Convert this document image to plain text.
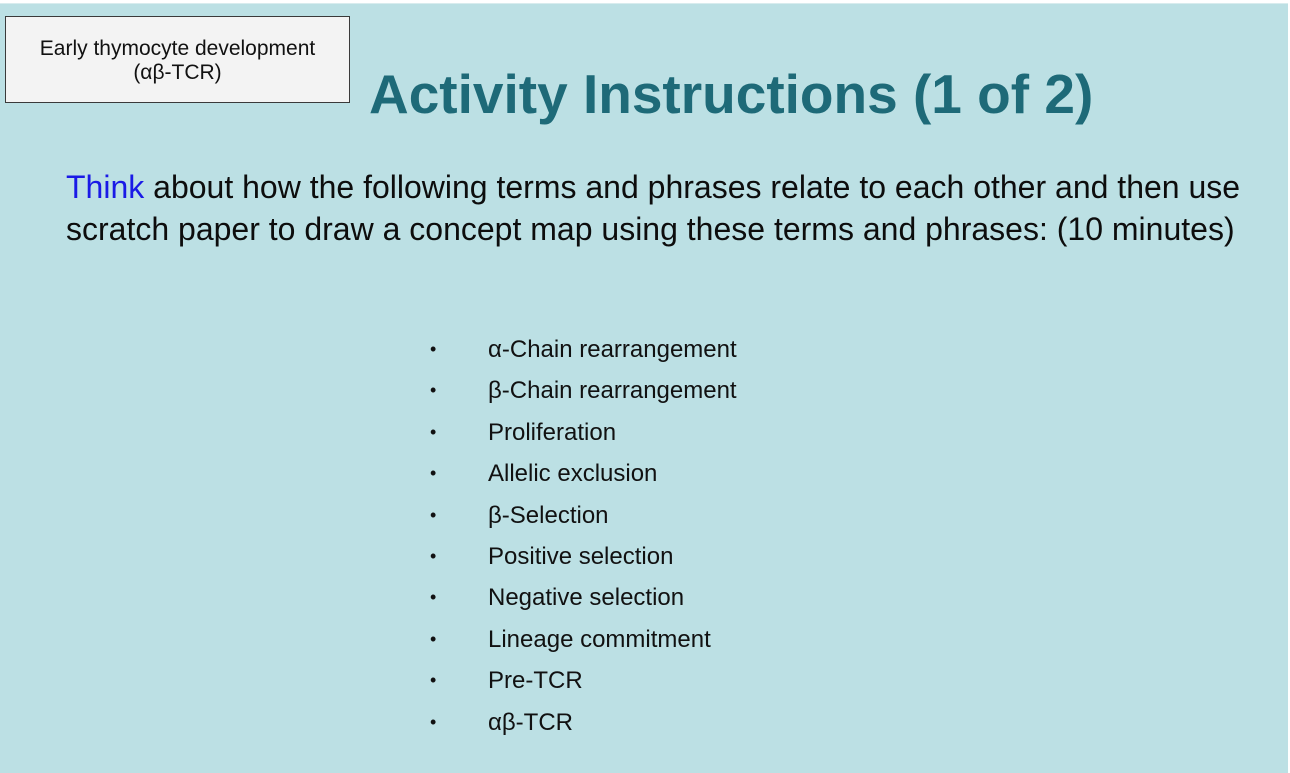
Early thymocyte development
(αβ-TCR)	Activity Instructions (1 of 2)
Think about how the following terms and phrases relate to each other and then use scratch paper to draw a concept map using these terms and phrases: (10 minutes)
•	α-Chain rearrangement
•	β-Chain rearrangement
•	Proliferation
•	Allelic exclusion
•	β-Selection
•	Positive selection
•	Negative selection
•	Lineage commitment
•	Pre-TCR
•	αβ-TCR
